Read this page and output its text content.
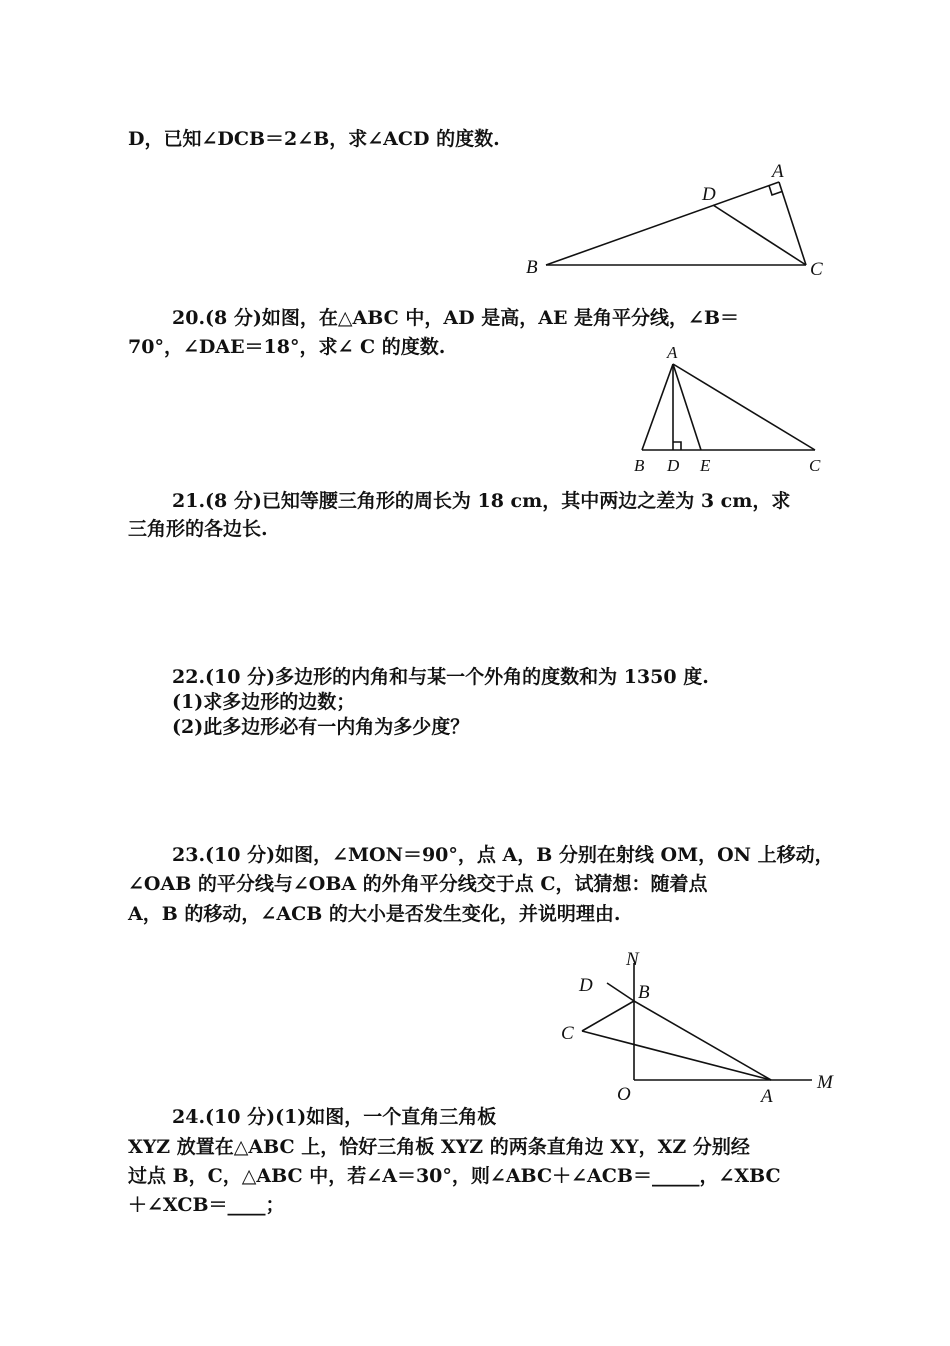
D，已知∠DCB＝2∠B，求∠ACD 的度数.
A
D
B	C
20.(8 分)如图，在△ABC 中，AD 是高，AE 是角平分线，∠B＝
70°，∠DAE＝18°，求∠ C 的度数.	A
B D E	C
21.(8 分)已知等腰三角形的周长为 18 cm，其中两边之差为 3 cm，求
三角形的各边长.
22.(10 分)多边形的内角和与某一个外角的度数和为 1350 度.
(1)求多边形的边数；
(2)此多边形必有一内角为多少度？
23.(10 分)如图，∠MON＝90°，点 A，B 分别在射线 OM，ON 上移动，
∠OAB 的平分线与∠OBA 的外角平分线交于点 C，试猜想：随着点
A，B 的移动，∠ACB 的大小是否发生变化，并说明理由.
N
D B
C
O	A
M
24.(10 分)(1)如图，一个直角三角板
XYZ 放置在△ABC 上，恰好三角板 XYZ 的两条直角边 XY，XZ 分别经
过点 B，C，△ABC 中，若∠A＝30°，则∠ABC＋∠ACB＝_____，∠XBC
＋∠XCB＝____；
